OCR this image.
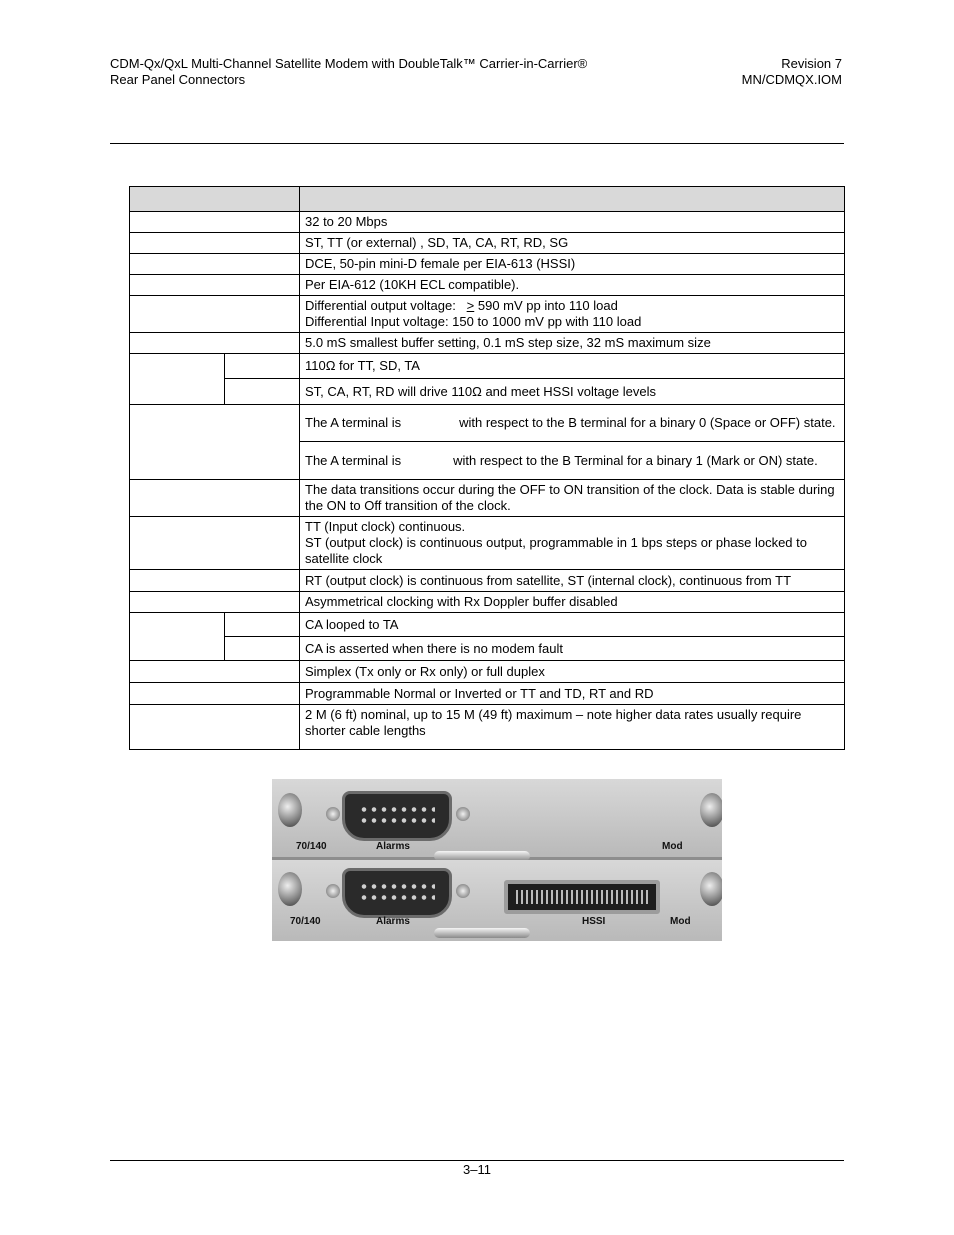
CDM-Qx/QxL Multi-Channel Satellite Modem with DoubleTalk™ Carrier-in-Carrier®
Rear Panel Connectors
Revision 7
MN/CDMQX.IOM

		32 to 20 Mbps
		ST, TT (or external) , SD, TA, CA, RT, RD, SG
		DCE, 50-pin mini-D female per EIA-613 (HSSI)
		Per EIA-612 (10KH ECL compatible).

		Differential output voltage: > 590 mV pp into 110 load
Differential Input voltage: 150 to 1000 mV pp with 110 load

		5.0 mS smallest buffer setting, 0.1 mS step size, 32 mS maximum size
		110Ω for TT, SD, TA
		ST, CA, RT, RD will drive 110Ω and meet HSSI voltage levels
		The A terminal is with respect to the B terminal for a binary 0 (Space or OFF) state.
		The A terminal is with respect to the B Terminal for a binary 1 (Mark or ON) state.
		The data transitions occur during the OFF to ON transition of the clock. Data is stable during the ON to Off transition of the clock.

		TT (Input clock) continuous.
ST (output clock) is continuous output, programmable in 1 bps steps or phase locked to satellite clock

		RT (output clock) is continuous from satellite, ST (internal clock), continuous from TT
		Asymmetrical clocking with Rx Doppler buffer disabled
		CA looped to TA
		CA is asserted when there is no modem fault
		Simplex (Tx only or Rx only) or full duplex
		Programmable Normal or Inverted or TT and TD, RT and RD
		2 M (6 ft) nominal, up to 15 M (49 ft) maximum – note higher data rates usually require shorter cable lengths
70/140	Alarms	Mod
70/140	Alarms	HSSI	Mod
3–11
